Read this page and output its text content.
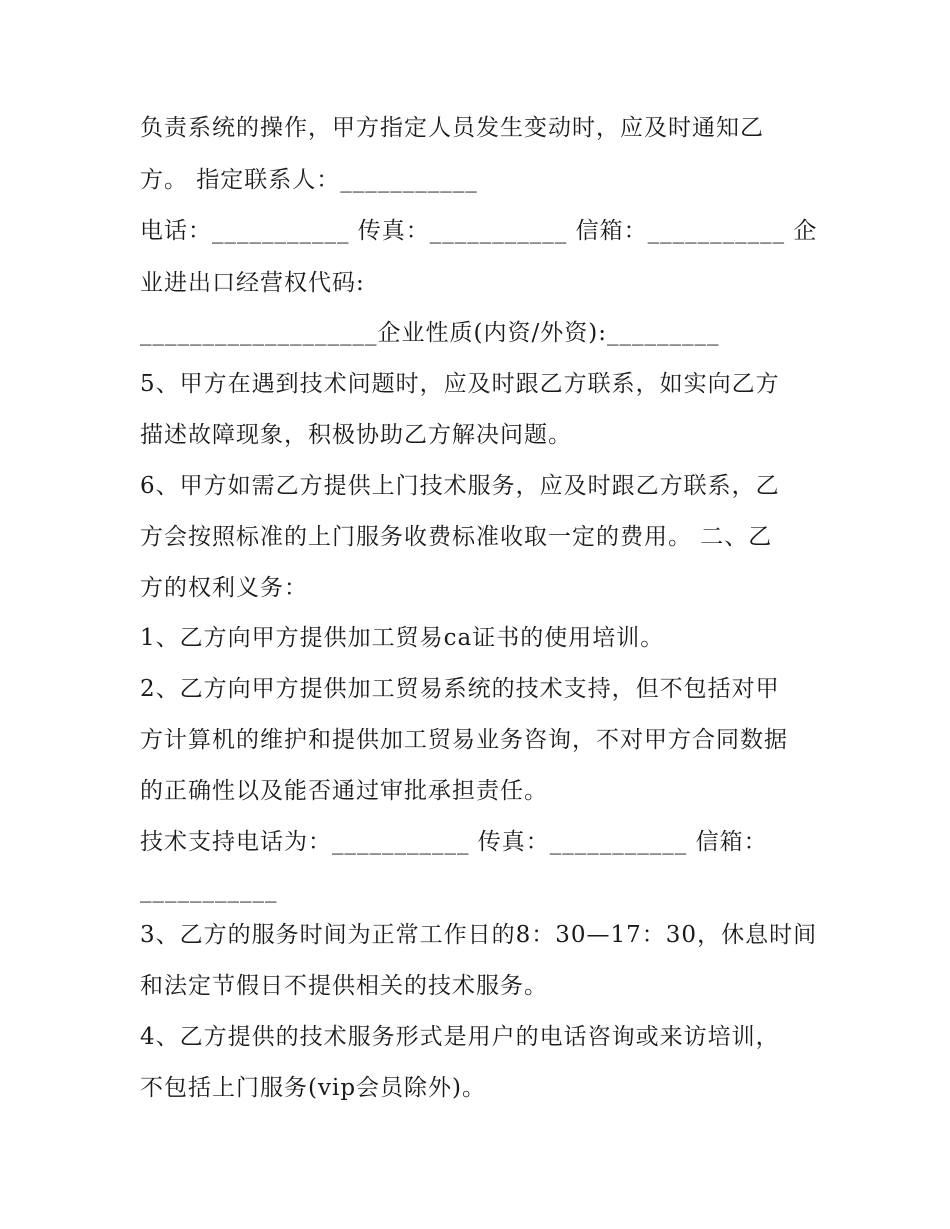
负责系统的操作，甲方指定人员发生变动时，应及时通知乙
方。 指定联系人：___________
电话：___________ 传真：___________ 信箱：___________ 企
业进出口经营权代码:
___________________企业性质(内资/外资):_________
5、甲方在遇到技术问题时，应及时跟乙方联系，如实向乙方
描述故障现象，积极协助乙方解决问题。
6、甲方如需乙方提供上门技术服务，应及时跟乙方联系，乙
方会按照标准的上门服务收费标准收取一定的费用。 二、乙
方的权利义务：
1、乙方向甲方提供加工贸易ca证书的使用培训。
2、乙方向甲方提供加工贸易系统的技术支持，但不包括对甲
方计算机的维护和提供加工贸易业务咨询，不对甲方合同数据
的正确性以及能否通过审批承担责任。
技术支持电话为：___________ 传真：___________ 信箱：
___________
3、乙方的服务时间为正常工作日的8：30—17：30，休息时间
和法定节假日不提供相关的技术服务。
4、乙方提供的技术服务形式是用户的电话咨询或来访培训，
不包括上门服务(vip会员除外)。
